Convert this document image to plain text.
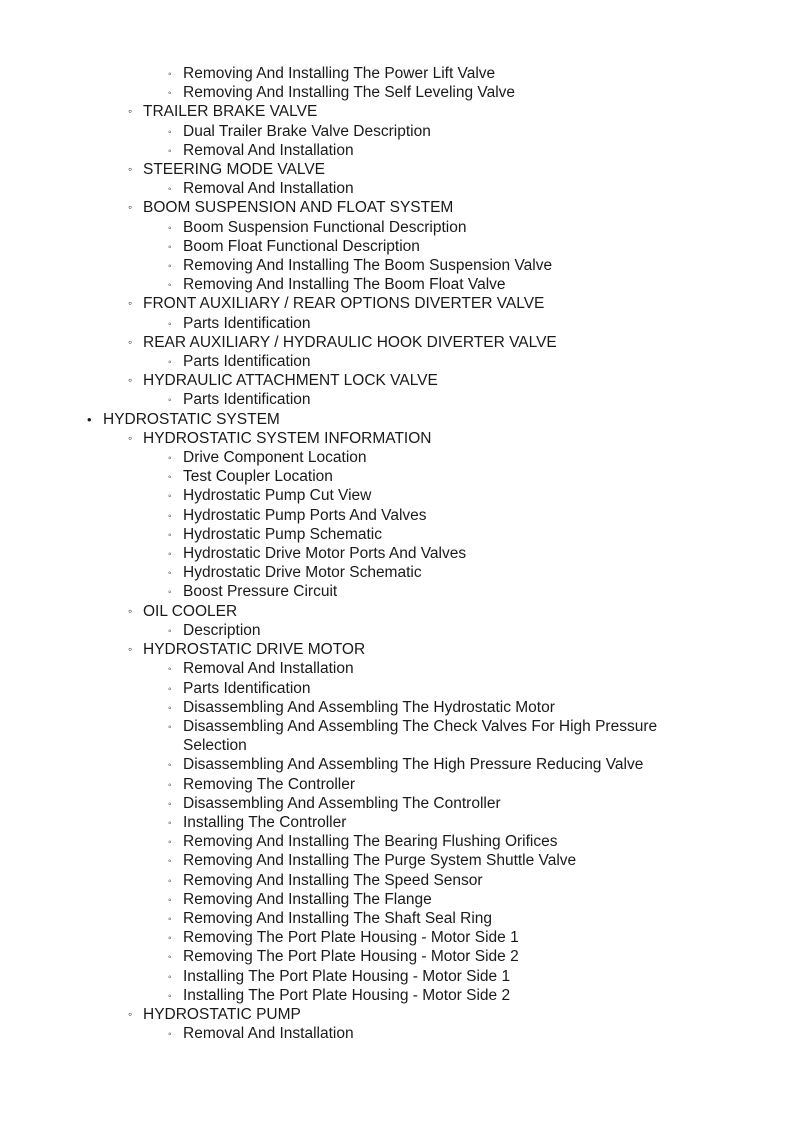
◦ Removing And Installing The Power Lift Valve
◦ Removing And Installing The Self Leveling Valve
◦ TRAILER BRAKE VALVE
◦ Dual Trailer Brake Valve Description
◦ Removal And Installation
◦ STEERING MODE VALVE
◦ Removal And Installation
◦ BOOM SUSPENSION AND FLOAT SYSTEM
◦ Boom Suspension Functional Description
◦ Boom Float Functional Description
◦ Removing And Installing The Boom Suspension Valve
◦ Removing And Installing The Boom Float Valve
◦ FRONT AUXILIARY / REAR OPTIONS DIVERTER VALVE
◦ Parts Identification
◦ REAR AUXILIARY / HYDRAULIC HOOK DIVERTER VALVE
◦ Parts Identification
◦ HYDRAULIC ATTACHMENT LOCK VALVE
◦ Parts Identification
• HYDROSTATIC SYSTEM
◦ HYDROSTATIC SYSTEM INFORMATION
◦ Drive Component Location
◦ Test Coupler Location
◦ Hydrostatic Pump Cut View
◦ Hydrostatic Pump Ports And Valves
◦ Hydrostatic Pump Schematic
◦ Hydrostatic Drive Motor Ports And Valves
◦ Hydrostatic Drive Motor Schematic
◦ Boost Pressure Circuit
◦ OIL COOLER
◦ Description
◦ HYDROSTATIC DRIVE MOTOR
◦ Removal And Installation
◦ Parts Identification
◦ Disassembling And Assembling The Hydrostatic Motor
◦ Disassembling And Assembling The Check Valves For High Pressure Selection
◦ Disassembling And Assembling The High Pressure Reducing Valve
◦ Removing The Controller
◦ Disassembling And Assembling The Controller
◦ Installing The Controller
◦ Removing And Installing The Bearing Flushing Orifices
◦ Removing And Installing The Purge System Shuttle Valve
◦ Removing And Installing The Speed Sensor
◦ Removing And Installing The Flange
◦ Removing And Installing The Shaft Seal Ring
◦ Removing The Port Plate Housing - Motor Side 1
◦ Removing The Port Plate Housing - Motor Side 2
◦ Installing The Port Plate Housing - Motor Side 1
◦ Installing The Port Plate Housing - Motor Side 2
◦ HYDROSTATIC PUMP
◦ Removal And Installation
